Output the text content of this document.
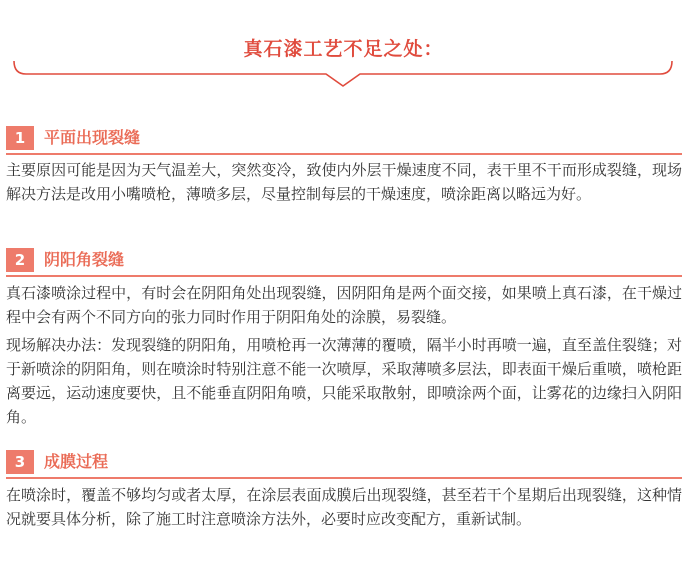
真石漆工艺不足之处：
1	平面出现裂缝

主要原因可能是因为天气温差大，突然变冷，致使内外层干燥速度不同，表干里不干而形成裂缝，现场解决方法是改用小嘴喷枪，薄喷多层，尽量控制每层的干燥速度，喷涂距离以略远为好。

2	阴阳角裂缝

真石漆喷涂过程中，有时会在阴阳角处出现裂缝，因阴阳角是两个面交接，如果喷上真石漆，在干燥过程中会有两个不同方向的张力同时作用于阴阳角处的涂膜，易裂缝。

现场解决办法：发现裂缝的阴阳角，用喷枪再一次薄薄的覆喷，隔半小时再喷一遍，直至盖住裂缝；对于新喷涂的阴阳角，则在喷涂时特别注意不能一次喷厚，采取薄喷多层法，即表面干燥后重喷，喷枪距离要远，运动速度要快，且不能垂直阴阳角喷，只能采取散射，即喷涂两个面，让雾花的边缘扫入阴阳角。

3	成膜过程

在喷涂时，覆盖不够均匀或者太厚，在涂层表面成膜后出现裂缝，甚至若干个星期后出现裂缝，这种情况就要具体分析，除了施工时注意喷涂方法外，必要时应改变配方，重新试制。
